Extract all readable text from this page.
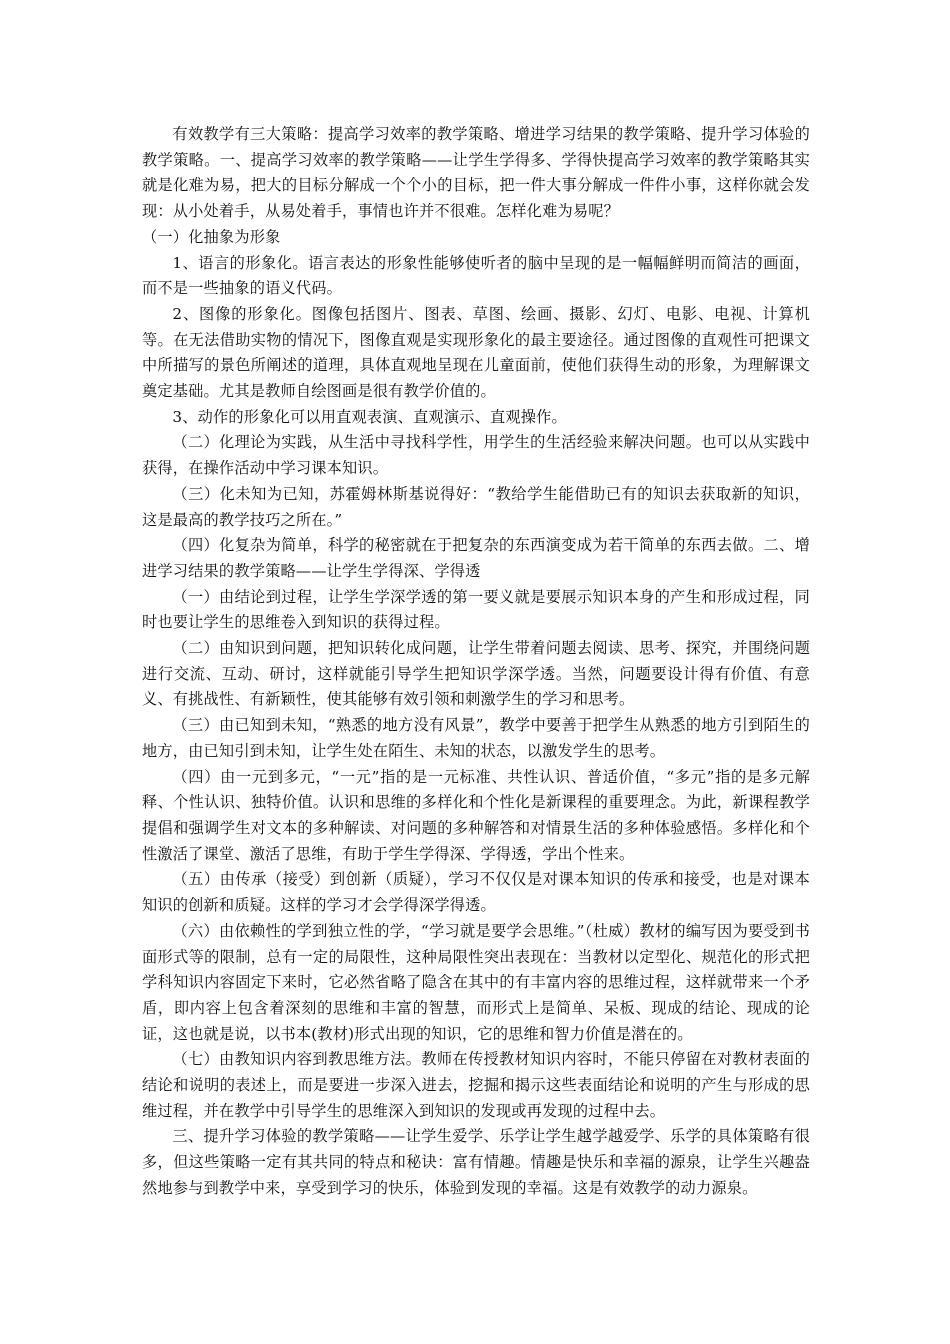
有效教学有三大策略：提高学习效率的教学策略、增进学习结果的教学策略、提升学习体验的教学策略。一、提高学习效率的教学策略——让学生学得多、学得快提高学习效率的教学策略其实就是化难为易，把大的目标分解成一个个小的目标，把一件大事分解成一件件小事，这样你就会发现：从小处着手，从易处着手，事情也许并不很难。怎样化难为易呢？

（一）化抽象为形象

1、语言的形象化。语言表达的形象性能够使听者的脑中呈现的是一幅幅鲜明而简洁的画面，而不是一些抽象的语义代码。

2、图像的形象化。图像包括图片、图表、草图、绘画、摄影、幻灯、电影、电视、计算机等。在无法借助实物的情况下，图像直观是实现形象化的最主要途径。通过图像的直观性可把课文中所描写的景色所阐述的道理，具体直观地呈现在儿童面前，使他们获得生动的形象，为理解课文奠定基础。尤其是教师自绘图画是很有教学价值的。

3、动作的形象化可以用直观表演、直观演示、直观操作。

（二）化理论为实践，从生活中寻找科学性，用学生的生活经验来解决问题。也可以从实践中获得，在操作活动中学习课本知识。

（三）化未知为已知，苏霍姆林斯基说得好：“教给学生能借助已有的知识去获取新的知识，这是最高的教学技巧之所在。”

（四）化复杂为简单，科学的秘密就在于把复杂的东西演变成为若干简单的东西去做。二、增进学习结果的教学策略——让学生学得深、学得透

（一）由结论到过程，让学生学深学透的第一要义就是要展示知识本身的产生和形成过程，同时也要让学生的思维卷入到知识的获得过程。

（二）由知识到问题，把知识转化成问题，让学生带着问题去阅读、思考、探究，并围绕问题进行交流、互动、研讨，这样就能引导学生把知识学深学透。当然，问题要设计得有价值、有意义、有挑战性、有新颖性，使其能够有效引领和刺激学生的学习和思考。

（三）由已知到未知，“熟悉的地方没有风景”，教学中要善于把学生从熟悉的地方引到陌生的地方，由已知引到未知，让学生处在陌生、未知的状态，以激发学生的思考。

（四）由一元到多元，“一元”指的是一元标准、共性认识、普适价值，“多元”指的是多元解释、个性认识、独特价值。认识和思维的多样化和个性化是新课程的重要理念。为此，新课程教学提倡和强调学生对文本的多种解读、对问题的多种解答和对情景生活的多种体验感悟。多样化和个性激活了课堂、激活了思维，有助于学生学得深、学得透，学出个性来。

（五）由传承（接受）到创新（质疑），学习不仅仅是对课本知识的传承和接受，也是对课本知识的创新和质疑。这样的学习才会学得深学得透。

（六）由依赖性的学到独立性的学，“学习就是要学会思维。”（杜威）教材的编写因为要受到书面形式等的限制，总有一定的局限性，这种局限性突出表现在：当教材以定型化、规范化的形式把学科知识内容固定下来时，它必然省略了隐含在其中的有丰富内容的思维过程，这样就带来一个矛盾，即内容上包含着深刻的思维和丰富的智慧，而形式上是简单、呆板、现成的结论、现成的论证，这也就是说，以书本(教材)形式出现的知识，它的思维和智力价值是潜在的。

（七）由教知识内容到教思维方法。教师在传授教材知识内容时，不能只停留在对教材表面的结论和说明的表述上，而是要进一步深入进去，挖掘和揭示这些表面结论和说明的产生与形成的思维过程，并在教学中引导学生的思维深入到知识的发现或再发现的过程中去。

三、提升学习体验的教学策略——让学生爱学、乐学让学生越学越爱学、乐学的具体策略有很多，但这些策略一定有其共同的特点和秘诀：富有情趣。情趣是快乐和幸福的源泉，让学生兴趣盎然地参与到教学中来，享受到学习的快乐，体验到发现的幸福。这是有效教学的动力源泉。
